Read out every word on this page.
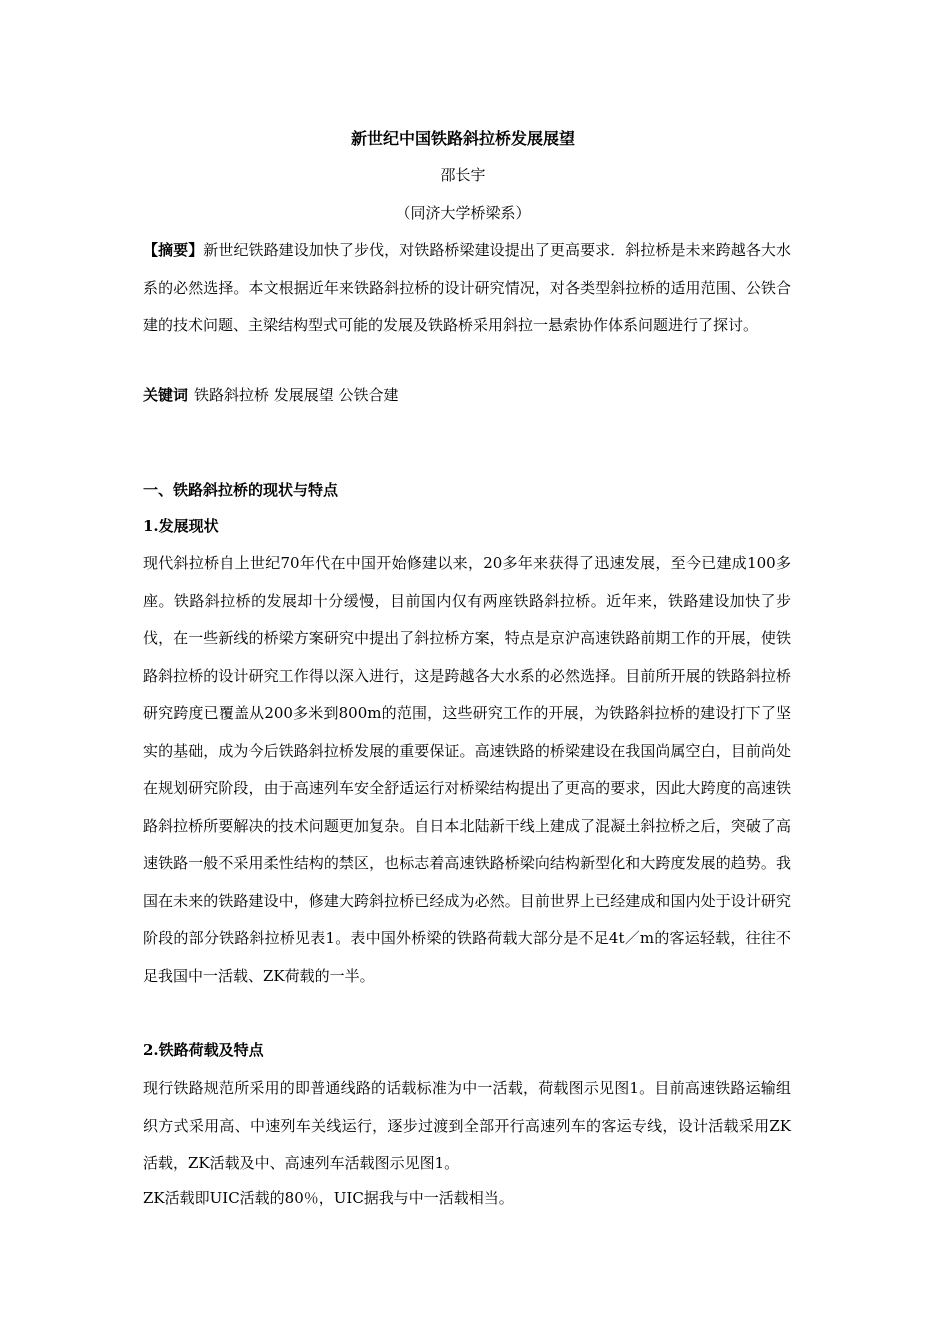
新世纪中国铁路斜拉桥发展展望
邵长宇
（同济大学桥梁系）

【摘要】新世纪铁路建设加快了步伐，对铁路桥梁建设提出了更高要求．斜拉桥是未来跨越各大水系的必然选择。本文根据近年来铁路斜拉桥的设计研究情况，对各类型斜拉桥的适用范围、公铁合建的技术问题、主梁结构型式可能的发展及铁路桥采用斜拉一悬索协作体系问题进行了探讨。

关键词 铁路斜拉桥 发展展望 公铁合建

一、铁路斜拉桥的现状与特点
1.发展现状

现代斜拉桥自上世纪70年代在中国开始修建以来，20多年来获得了迅速发展，至今已建成100多座。铁路斜拉桥的发展却十分缓慢，目前国内仅有两座铁路斜拉桥。近年来，铁路建设加快了步伐，在一些新线的桥梁方案研究中提出了斜拉桥方案，特点是京沪高速铁路前期工作的开展，使铁路斜拉桥的设计研究工作得以深入进行，这是跨越各大水系的必然选择。目前所开展的铁路斜拉桥研究跨度已覆盖从200多米到800m的范围，这些研究工作的开展，为铁路斜拉桥的建设打下了坚实的基础，成为今后铁路斜拉桥发展的重要保证。高速铁路的桥梁建设在我国尚属空白，目前尚处在规划研究阶段，由于高速列车安全舒适运行对桥梁结构提出了更高的要求，因此大跨度的高速铁路斜拉桥所要解决的技术问题更加复杂。自日本北陆新干线上建成了混凝土斜拉桥之后，突破了高速铁路一般不采用柔性结构的禁区，也标志着高速铁路桥梁向结构新型化和大跨度发展的趋势。我国在未来的铁路建设中，修建大跨斜拉桥已经成为必然。目前世界上已经建成和国内处于设计研究阶段的部分铁路斜拉桥见表1。表中国外桥梁的铁路荷载大部分是不足4t／m的客运轻载，往往不足我国中一活载、ZK荷载的一半。

2.铁路荷载及特点

现行铁路规范所采用的即普通线路的话载标准为中一活载，荷载图示见图1。目前高速铁路运输组织方式采用高、中速列车关线运行，逐步过渡到全部开行高速列车的客运专线，设计活载采用ZK活载，ZK活载及中、高速列车活载图示见图1。

ZK活载即UIC活载的80％，UIC据我与中一活载相当。
